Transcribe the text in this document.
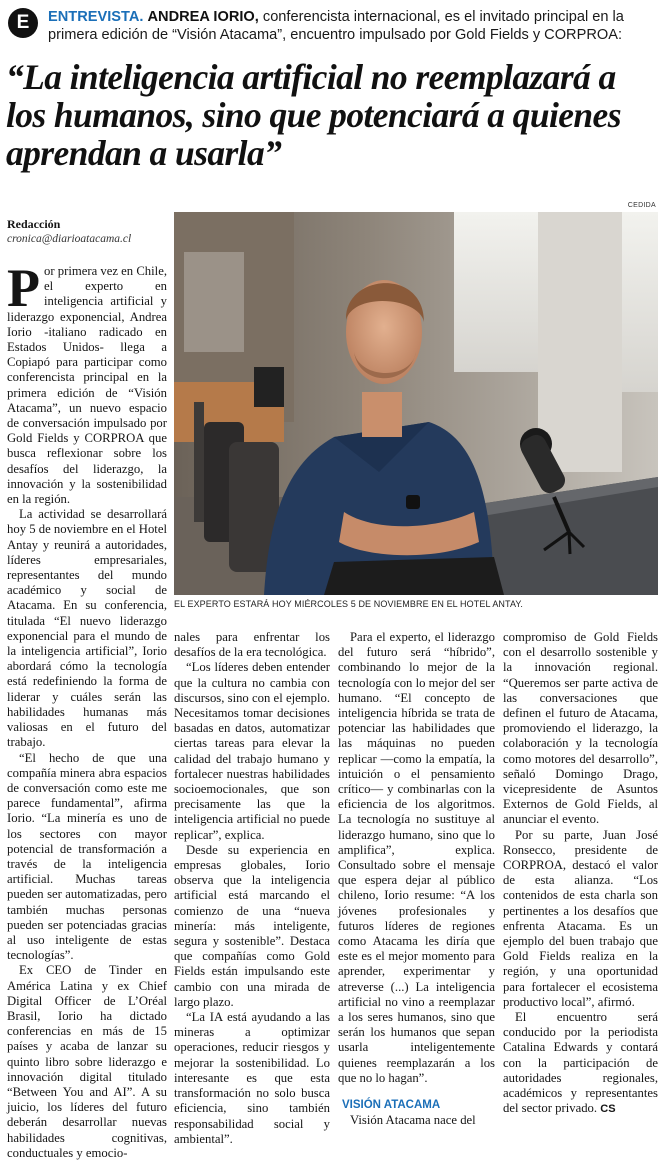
E	ENTREVISTA. ANDREA IORIO, conferencista internacional, es el invitado principal en la primera edición de “Visión Atacama”, encuentro impulsado por Gold Fields y CORPROA:

“La inteligencia artificial no reemplazará a los humanos, sino que potenciará a quienes aprendan a usarla”
Redacción
cronica@diarioatacama.cl
CEDIDA
EL EXPERTO ESTARÁ HOY MIÉRCOLES 5 DE NOVIEMBRE EN EL HOTEL ANTAY.

Por primera vez en Chile, el experto en inteligencia artificial y liderazgo exponencial, Andrea Iorio -italiano radicado en Estados Unidos- llega a Copiapó para participar como conferencista principal en la primera edición de “Visión Atacama”, un nuevo espacio de conversación impulsado por Gold Fields y CORPROA que busca reflexionar sobre los desafíos del liderazgo, la innovación y la sostenibilidad en la región.

La actividad se desarrollará hoy 5 de noviembre en el Hotel Antay y reunirá a autoridades, líderes empresariales, representantes del mundo académico y social de Atacama. En su conferencia, titulada “El nuevo liderazgo exponencial para el mundo de la inteligencia artificial”, Iorio abordará cómo la tecnología está redefiniendo la forma de liderar y cuáles serán las habilidades humanas más valiosas en el futuro del trabajo.

“El hecho de que una compañía minera abra espacios de conversación como este me parece fundamental”, afirma Iorio. “La minería es uno de los sectores con mayor potencial de transformación a través de la inteligencia artificial. Muchas tareas pueden ser automatizadas, pero también muchas personas pueden ser potenciadas gracias al uso inteligente de estas tecnologías”.

Ex CEO de Tinder en América Latina y ex Chief Digital Officer de L’Oréal Brasil, Iorio ha dictado conferencias en más de 15 países y acaba de lanzar su quinto libro sobre liderazgo e innovación digital titulado “Between You and AI”. A su juicio, los líderes del futuro deberán desarrollar nuevas habilidades cognitivas, conductuales y emocio-

nales para enfrentar los desafíos de la era tecnológica.

“Los líderes deben entender que la cultura no cambia con discursos, sino con el ejemplo. Necesitamos tomar decisiones basadas en datos, automatizar ciertas tareas para elevar la calidad del trabajo humano y fortalecer nuestras habilidades socioemocionales, que son precisamente las que la inteligencia artificial no puede replicar”, explica.

Desde su experiencia en empresas globales, Iorio observa que la inteligencia artificial está marcando el comienzo de una “nueva minería: más inteligente, segura y sostenible”. Destaca que compañías como Gold Fields están impulsando este cambio con una mirada de largo plazo.

“La IA está ayudando a las mineras a optimizar operaciones, reducir riesgos y mejorar la sostenibilidad. Lo interesante es que esta transformación no solo busca eficiencia, sino también responsabilidad social y ambiental”.

Para el experto, el liderazgo del futuro será “híbrido”, combinando lo mejor de la tecnología con lo mejor del ser humano. “El concepto de inteligencia híbrida se trata de potenciar las habilidades que las máquinas no pueden replicar —como la empatía, la intuición o el pensamiento crítico— y combinarlas con la eficiencia de los algoritmos. La tecnología no sustituye al liderazgo humano, sino que lo amplifica”, explica. Consultado sobre el mensaje que espera dejar al público chileno, Iorio resume: “A los jóvenes profesionales y futuros líderes de regiones como Atacama les diría que este es el mejor momento para aprender, experimentar y atreverse (...) La inteligencia artificial no vino a reemplazar a los seres humanos, sino que serán los humanos que sepan usarla inteligentemente quienes reemplazarán a los que no lo hagan”.

VISIÓN ATACAMA

Visión Atacama nace del

compromiso de Gold Fields con el desarrollo sostenible y la innovación regional. “Queremos ser parte activa de las conversaciones que definen el futuro de Atacama, promoviendo el liderazgo, la colaboración y la tecnología como motores del desarrollo”, señaló Domingo Drago, vicepresidente de Asuntos Externos de Gold Fields, al anunciar el evento.

Por su parte, Juan José Ronsecco, presidente de CORPROA, destacó el valor de esta alianza. “Los contenidos de esta charla son pertinentes a los desafíos que enfrenta Atacama. Es un ejemplo del buen trabajo que Gold Fields realiza en la región, y una oportunidad para fortalecer el ecosistema productivo local”, afirmó.

El encuentro será conducido por la periodista Catalina Edwards y contará con la participación de autoridades regionales, académicos y representantes del sector privado. CS
